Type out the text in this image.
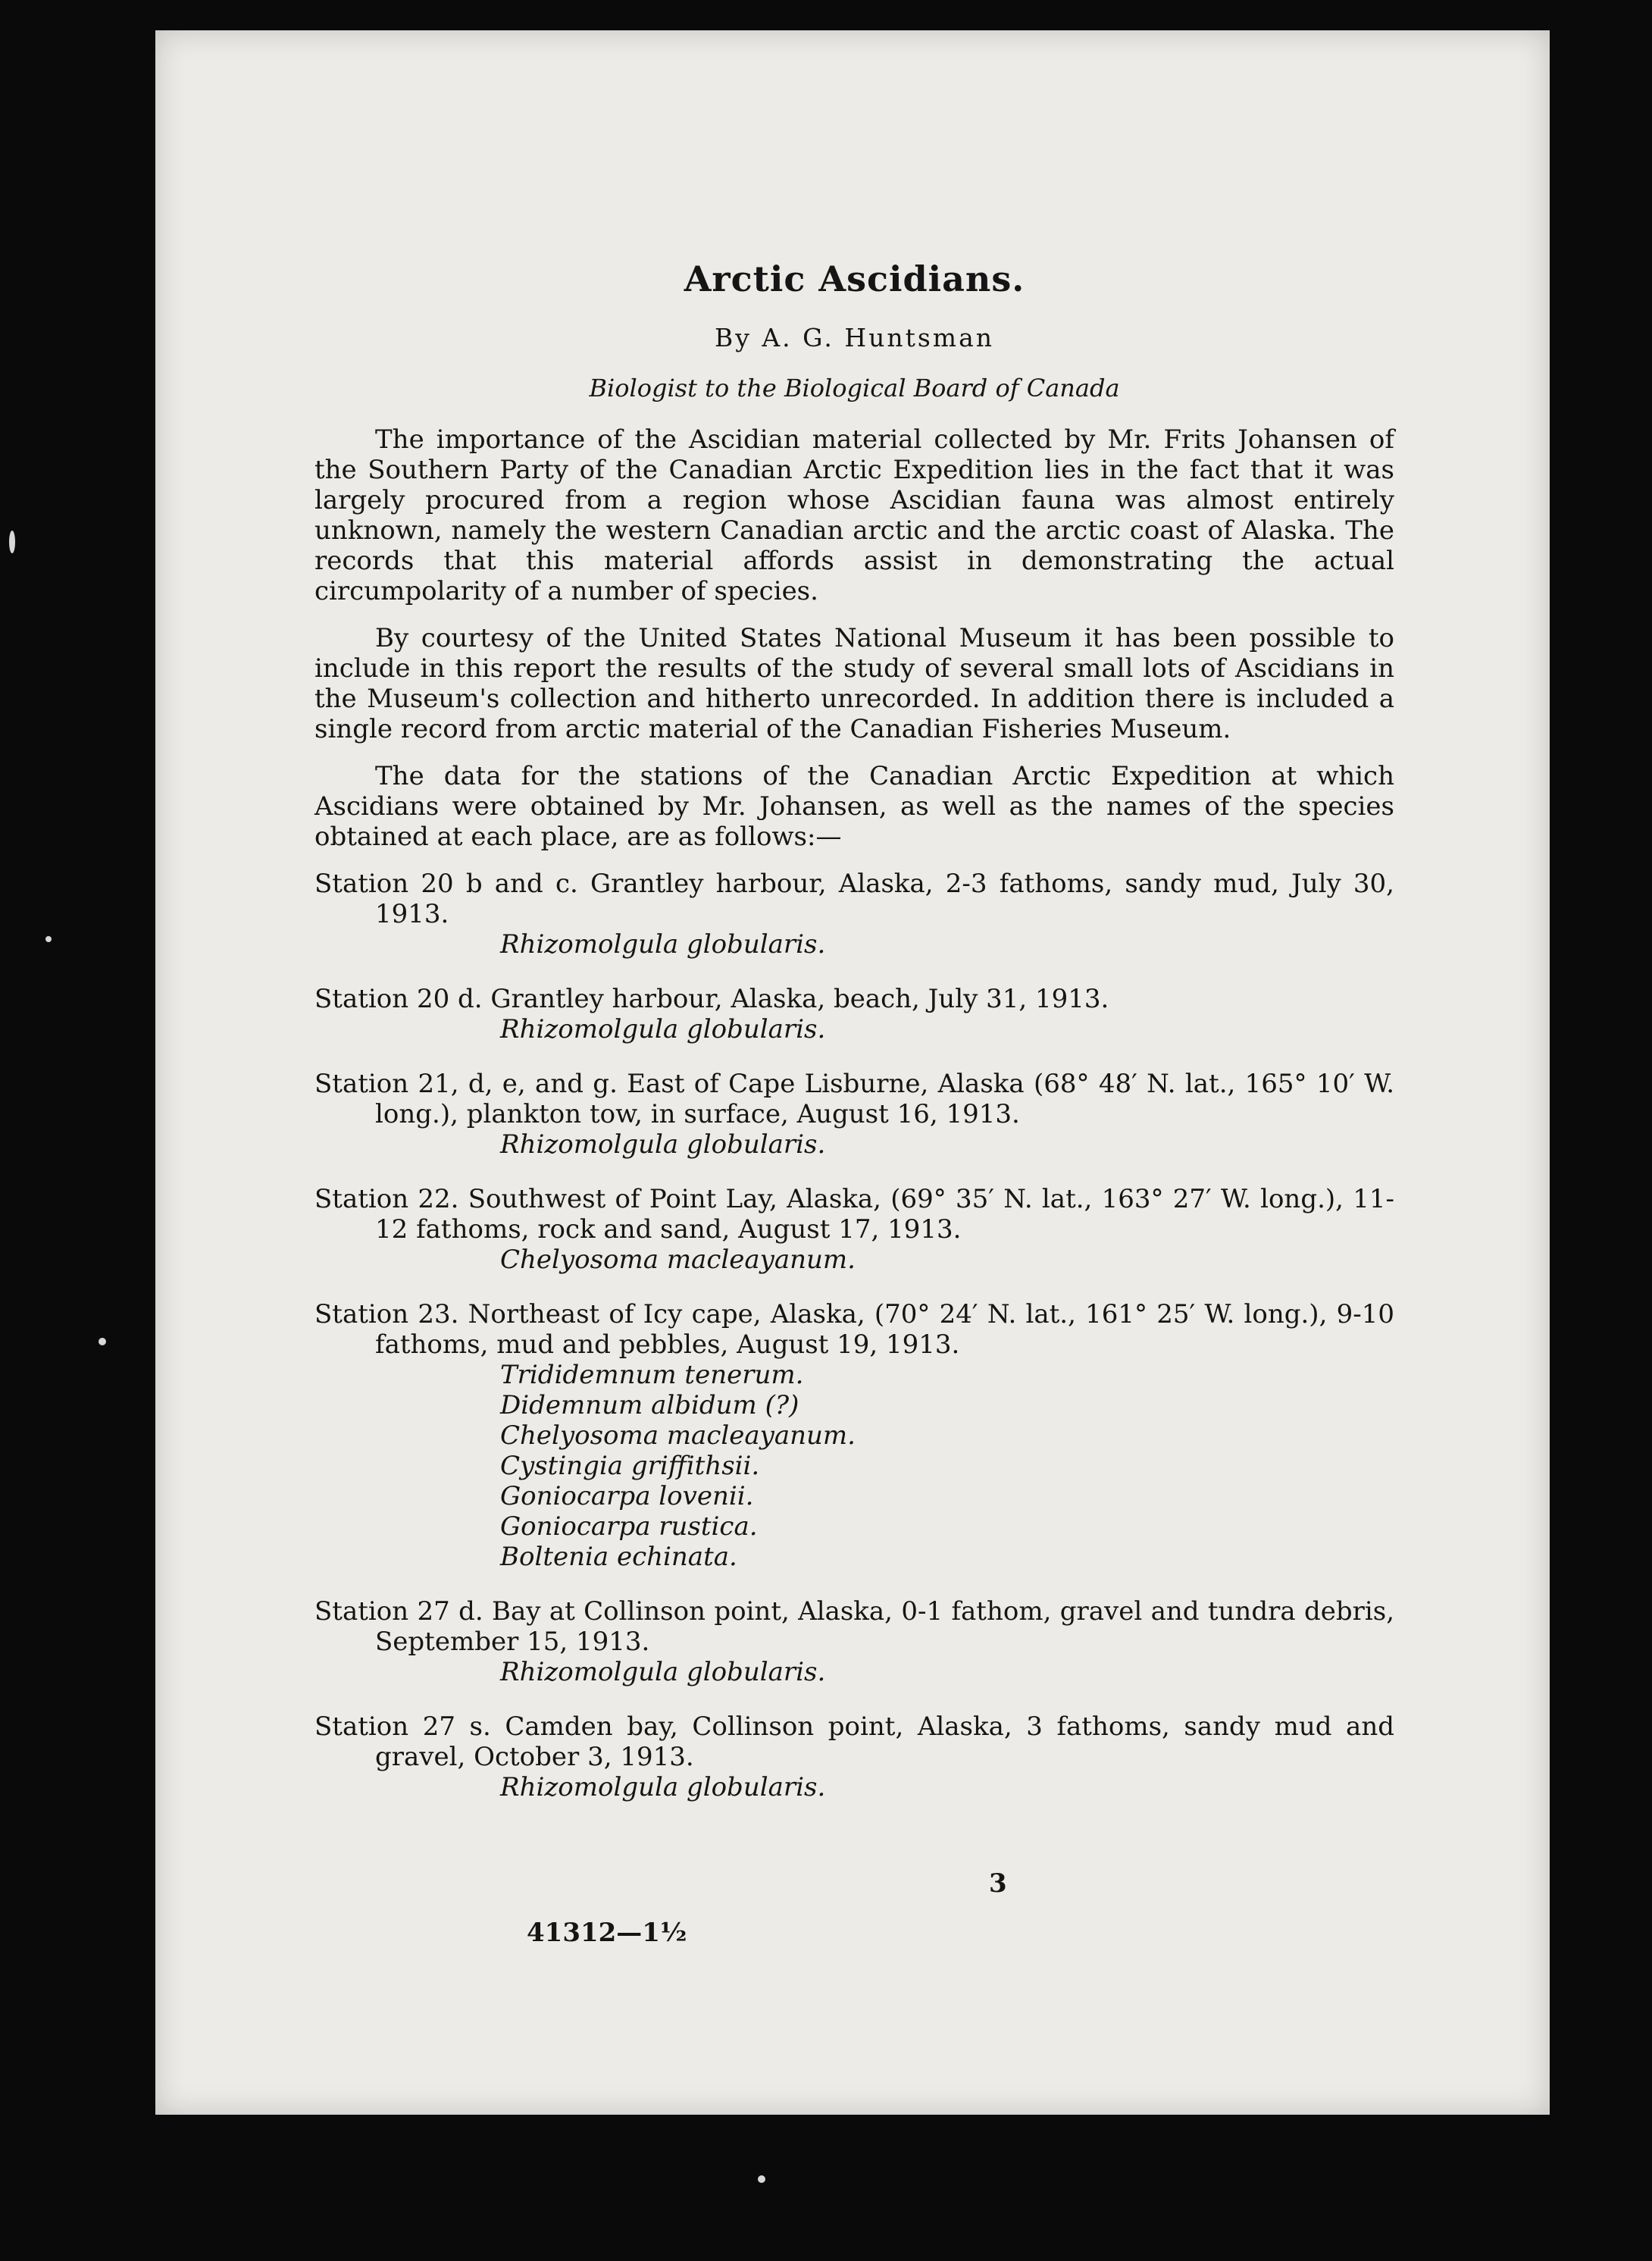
Arctic Ascidians.
By A. G. Huntsman
Biologist to the Biological Board of Canada

The importance of the Ascidian material collected by Mr. Frits Johansen of the Southern Party of the Canadian Arctic Expedition lies in the fact that it was largely procured from a region whose Ascidian fauna was almost entirely unknown, namely the western Canadian arctic and the arctic coast of Alaska. The records that this material affords assist in demonstrating the actual circumpolarity of a number of species.

By courtesy of the United States National Museum it has been possible to include in this report the results of the study of several small lots of Ascidians in the Museum's collection and hitherto unrecorded. In addition there is included a single record from arctic material of the Canadian Fisheries Museum.

The data for the stations of the Canadian Arctic Expedition at which Ascidians were obtained by Mr. Johansen, as well as the names of the species obtained at each place, are as follows:—

Station 20 b and c. Grantley harbour, Alaska, 2-3 fathoms, sandy mud, July 30, 1913.
Rhizomolgula globularis.
Station 20 d. Grantley harbour, Alaska, beach, July 31, 1913.
Rhizomolgula globularis.
Station 21, d, e, and g. East of Cape Lisburne, Alaska (68° 48′ N. lat., 165° 10′ W. long.), plankton tow, in surface, August 16, 1913.
Rhizomolgula globularis.
Station 22. Southwest of Point Lay, Alaska, (69° 35′ N. lat., 163° 27′ W. long.), 11-12 fathoms, rock and sand, August 17, 1913.
Chelyosoma macleayanum.
Station 23. Northeast of Icy cape, Alaska, (70° 24′ N. lat., 161° 25′ W. long.), 9-10 fathoms, mud and pebbles, August 19, 1913.
Trididemnum tenerum.
Didemnum albidum (?)
Chelyosoma macleayanum.
Cystingia griffithsii.
Goniocarpa lovenii.
Goniocarpa rustica.
Boltenia echinata.
Station 27 d. Bay at Collinson point, Alaska, 0-1 fathom, gravel and tundra debris, September 15, 1913.
Rhizomolgula globularis.
Station 27 s. Camden bay, Collinson point, Alaska, 3 fathoms, sandy mud and gravel, October 3, 1913.
Rhizomolgula globularis.
3
41312—1½
